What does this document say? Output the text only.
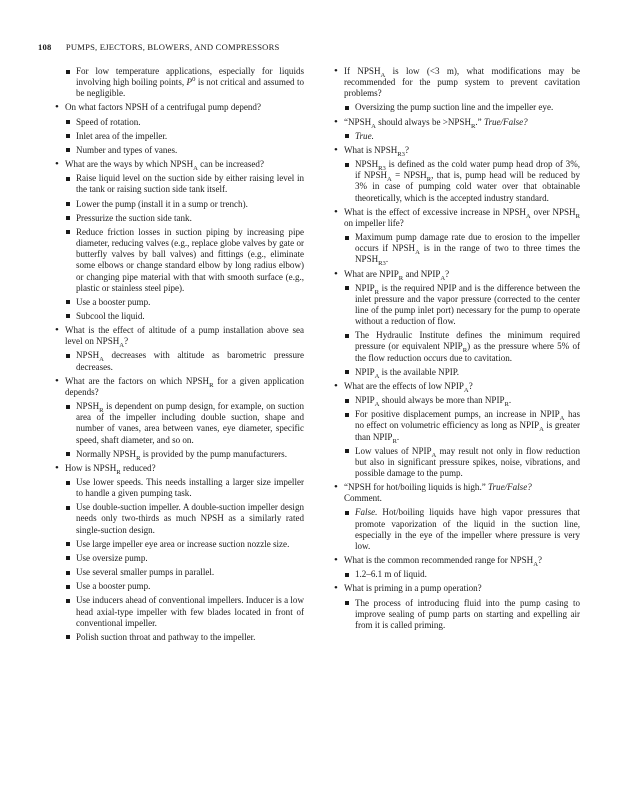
108 PUMPS, EJECTORS, BLOWERS, AND COMPRESSORS
For low temperature applications, especially for liquids involving high boiling points, $P^0$ is not critical and assumed to be negligible.
• On what factors NPSH of a centrifugal pump depend?
Speed of rotation.
Inlet area of the impeller.
Number and types of vanes.
• What are the ways by which $NPSH_A$ can be increased?
Raise liquid level on the suction side by either raising level in the tank or raising suction side tank itself.
Lower the pump (install it in a sump or trench).
Pressurize the suction side tank.
Reduce friction losses in suction piping by increasing pipe diameter, reducing valves (e.g., replace globe valves by gate or butterfly valves by ball valves) and fittings (e.g., eliminate some elbows or change standard elbow by long radius elbow) or changing pipe material with that with smooth surface (e.g., plastic or stainless steel pipe).
Use a booster pump.
Subcool the liquid.
• What is the effect of altitude of a pump installation above sea level on $NPSH_A$?
$NPSH_A$ decreases with altitude as barometric pressure decreases.
• What are the factors on which $NPSH_R$ for a given application depends?
$NPSH_R$ is dependent on pump design, for example, on suction area of the impeller including double suction, shape and number of vanes, area between vanes, eye diameter, specific speed, shaft diameter, and so on.
Normally $NPSH_R$ is provided by the pump manufacturers.
• How is $NPSH_R$ reduced?
Use lower speeds. This needs installing a larger size impeller to handle a given pumping task.
Use double-suction impeller. A double-suction impeller design needs only two-thirds as much NPSH as a similarly rated single-suction design.
Use large impeller eye area or increase suction nozzle size.
Use oversize pump.
Use several smaller pumps in parallel.
Use a booster pump.
Use inducers ahead of conventional impellers. Inducer is a low head axial-type impeller with few blades located in front of conventional impeller.
Polish suction throat and pathway to the impeller.
• If $NPSH_A$ is low (<3 m), what modifications may be recommended for the pump system to prevent cavitation problems?
Oversizing the pump suction line and the impeller eye.
• “$NPSH_A$ should always be $>NPSH_R$.” True/False?
True.
• What is $NPSH_{R3}$?
$NPSH_{R3}$ is defined as the cold water pump head drop of 3%, if $NPSH_A$ = $NPSH_R$, that is, pump head will be reduced by 3% in case of pumping cold water over that obtainable theoretically, which is the accepted industry standard.
• What is the effect of excessive increase in $NPSH_A$ over $NPSH_R$ on impeller life?
Maximum pump damage rate due to erosion to the impeller occurs if $NPSH_A$ is in the range of two to three times the $NPSH_{R3}$.
• What are $NPIP_R$ and $NPIP_A$?
$NPIP_R$ is the required NPIP and is the difference between the inlet pressure and the vapor pressure (corrected to the center line of the pump inlet port) necessary for the pump to operate without a reduction of flow.
The Hydraulic Institute defines the minimum required pressure (or equivalent $NPIP_R$) as the pressure where 5% of the flow reduction occurs due to cavitation.
$NPIP_A$ is the available NPIP.
• What are the effects of low $NPIP_A$?
$NPIP_A$ should always be more than $NPIP_R$.
For positive displacement pumps, an increase in $NPIP_A$ has no effect on volumetric efficiency as long as $NPIP_A$ is greater than $NPIP_R$.
Low values of $NPIP_A$ may result not only in flow reduction but also in significant pressure spikes, noise, vibrations, and possible damage to the pump.
• “NPSH for hot/boiling liquids is high.” True/False?
Comment.
False. Hot/boiling liquids have high vapor pressures that promote vaporization of the liquid in the suction line, especially in the eye of the impeller where pressure is very low.
• What is the common recommended range for $NPSH_A$?
1.2–6.1 m of liquid.
• What is priming in a pump operation?
The process of introducing fluid into the pump casing to improve sealing of pump parts on starting and expelling air from it is called priming.
